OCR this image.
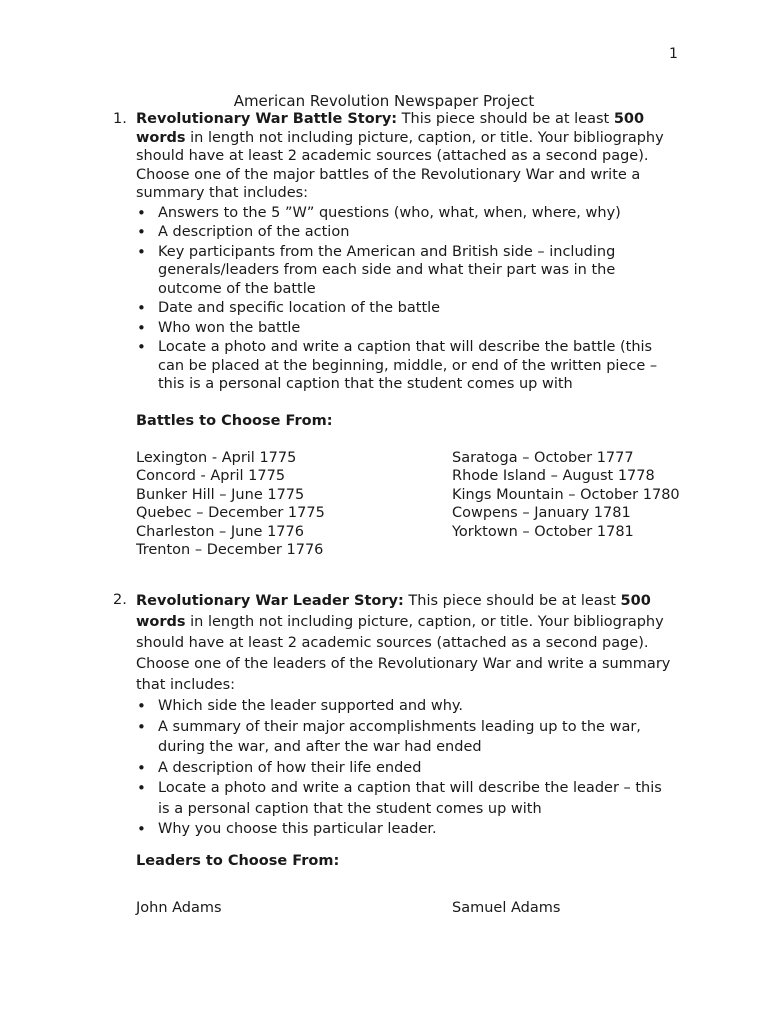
1
American Revolution Newspaper Project
1. Revolutionary War Battle Story: This piece should be at least 500 words in length not including picture, caption, or title. Your bibliography should have at least 2 academic sources (attached as a second page). Choose one of the major battles of the Revolutionary War and write a summary that includes:
• Answers to the 5 ”W” questions (who, what, when, where, why)
• A description of the action
• Key participants from the American and British side – including generals/leaders from each side and what their part was in the outcome of the battle
• Date and specific location of the battle
• Who won the battle
• Locate a photo and write a caption that will describe the battle (this can be placed at the beginning, middle, or end of the written piece – this is a personal caption that the student comes up with
Battles to Choose From:
Lexington - April 1775
Concord - April 1775
Bunker Hill – June 1775
Quebec – December 1775
Charleston – June 1776
Trenton – December 1776
Saratoga – October 1777
Rhode Island – August 1778
Kings Mountain – October 1780
Cowpens – January 1781
Yorktown – October 1781
2. Revolutionary War Leader Story: This piece should be at least 500 words in length not including picture, caption, or title. Your bibliography should have at least 2 academic sources (attached as a second page). Choose one of the leaders of the Revolutionary War and write a summary that includes:
• Which side the leader supported and why.
• A summary of their major accomplishments leading up to the war, during the war, and after the war had ended
• A description of how their life ended
• Locate a photo and write a caption that will describe the leader – this is a personal caption that the student comes up with
• Why you choose this particular leader.
Leaders to Choose From:
John Adams	Samuel Adams
